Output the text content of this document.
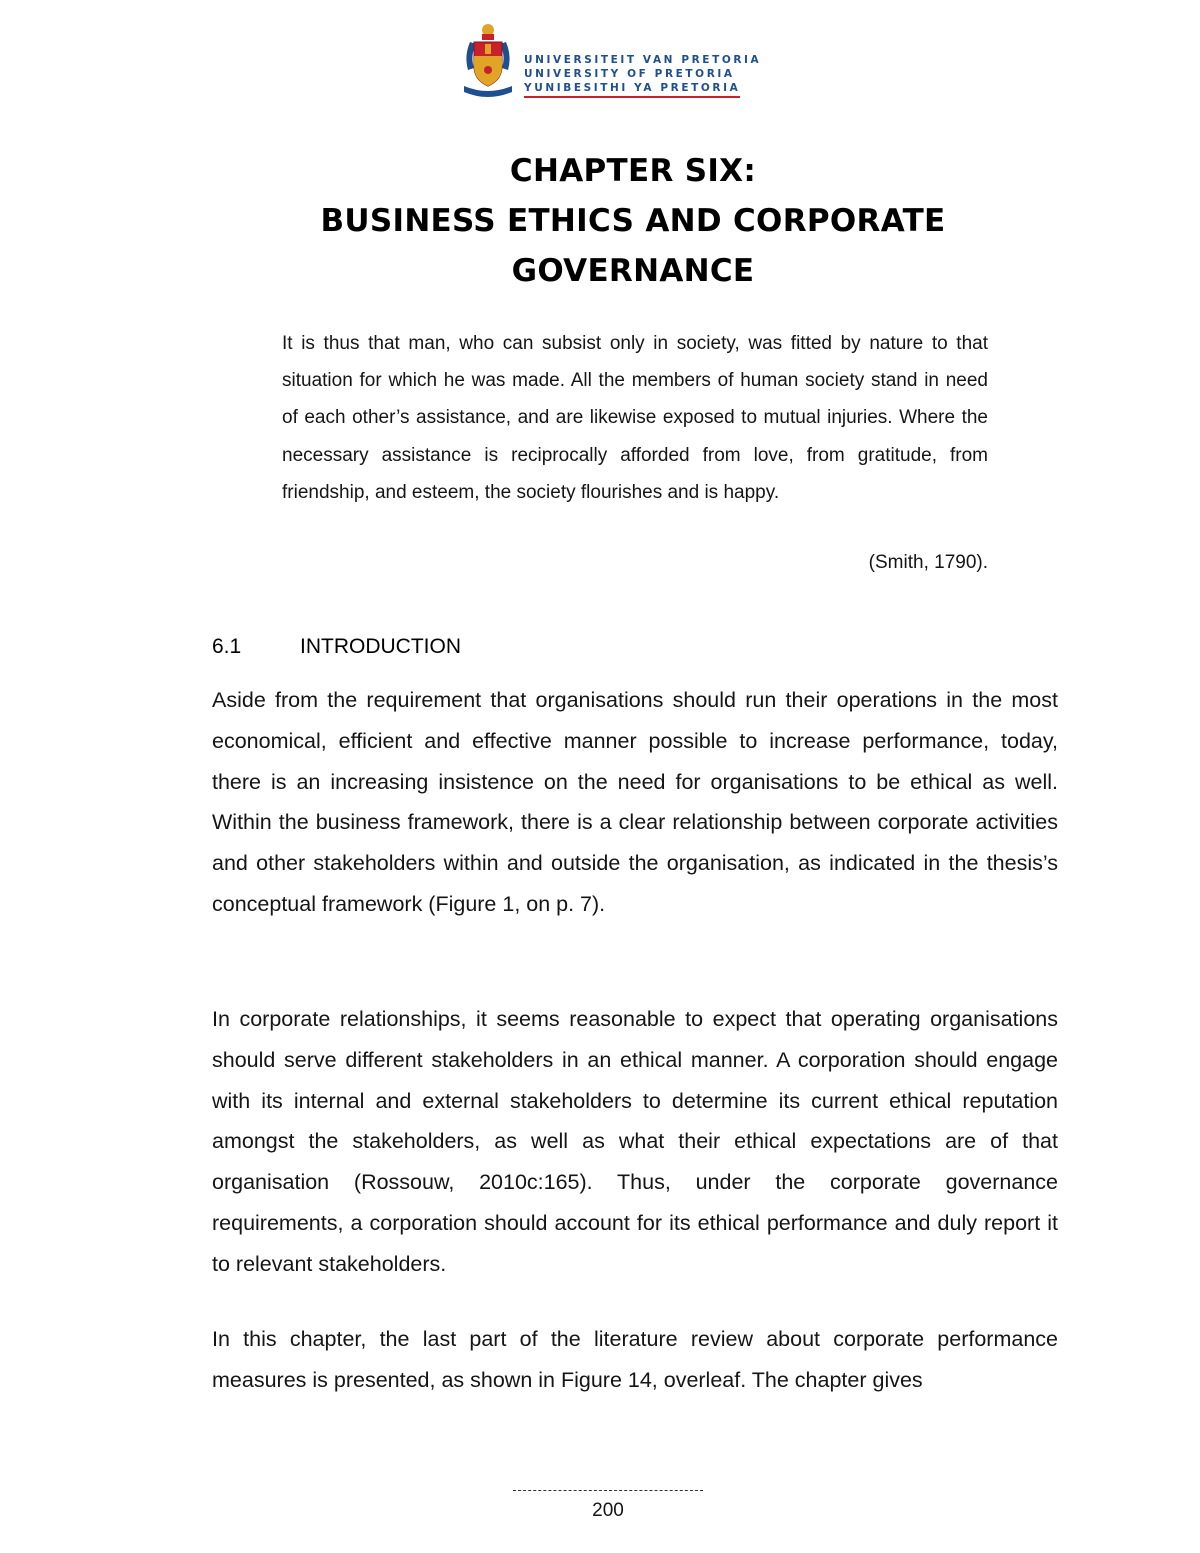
UNIVERSITEIT VAN PRETORIA
UNIVERSITY OF PRETORIA
YUNIBESITHI YA PRETORIA
CHAPTER SIX:
BUSINESS ETHICS AND CORPORATE
GOVERNANCE
It is thus that man, who can subsist only in society, was fitted by nature to that situation for which he was made. All the members of human society stand in need of each other’s assistance, and are likewise exposed to mutual injuries. Where the necessary assistance is reciprocally afforded from love, from gratitude, from friendship, and esteem, the society flourishes and is happy.
(Smith, 1790).
6.1	INTRODUCTION

Aside from the requirement that organisations should run their operations in the most economical, efficient and effective manner possible to increase performance, today, there is an increasing insistence on the need for organisations to be ethical as well. Within the business framework, there is a clear relationship between corporate activities and other stakeholders within and outside the organisation, as indicated in the thesis’s conceptual framework (Figure 1, on p. 7).

In corporate relationships, it seems reasonable to expect that operating organisations should serve different stakeholders in an ethical manner. A corporation should engage with its internal and external stakeholders to determine its current ethical reputation amongst the stakeholders, as well as what their ethical expectations are of that organisation (Rossouw, 2010c:165). Thus, under the corporate governance requirements, a corporation should account for its ethical performance and duly report it to relevant stakeholders.

In this chapter, the last part of the literature review about corporate performance measures is presented, as shown in Figure 14, overleaf. The chapter gives

200
